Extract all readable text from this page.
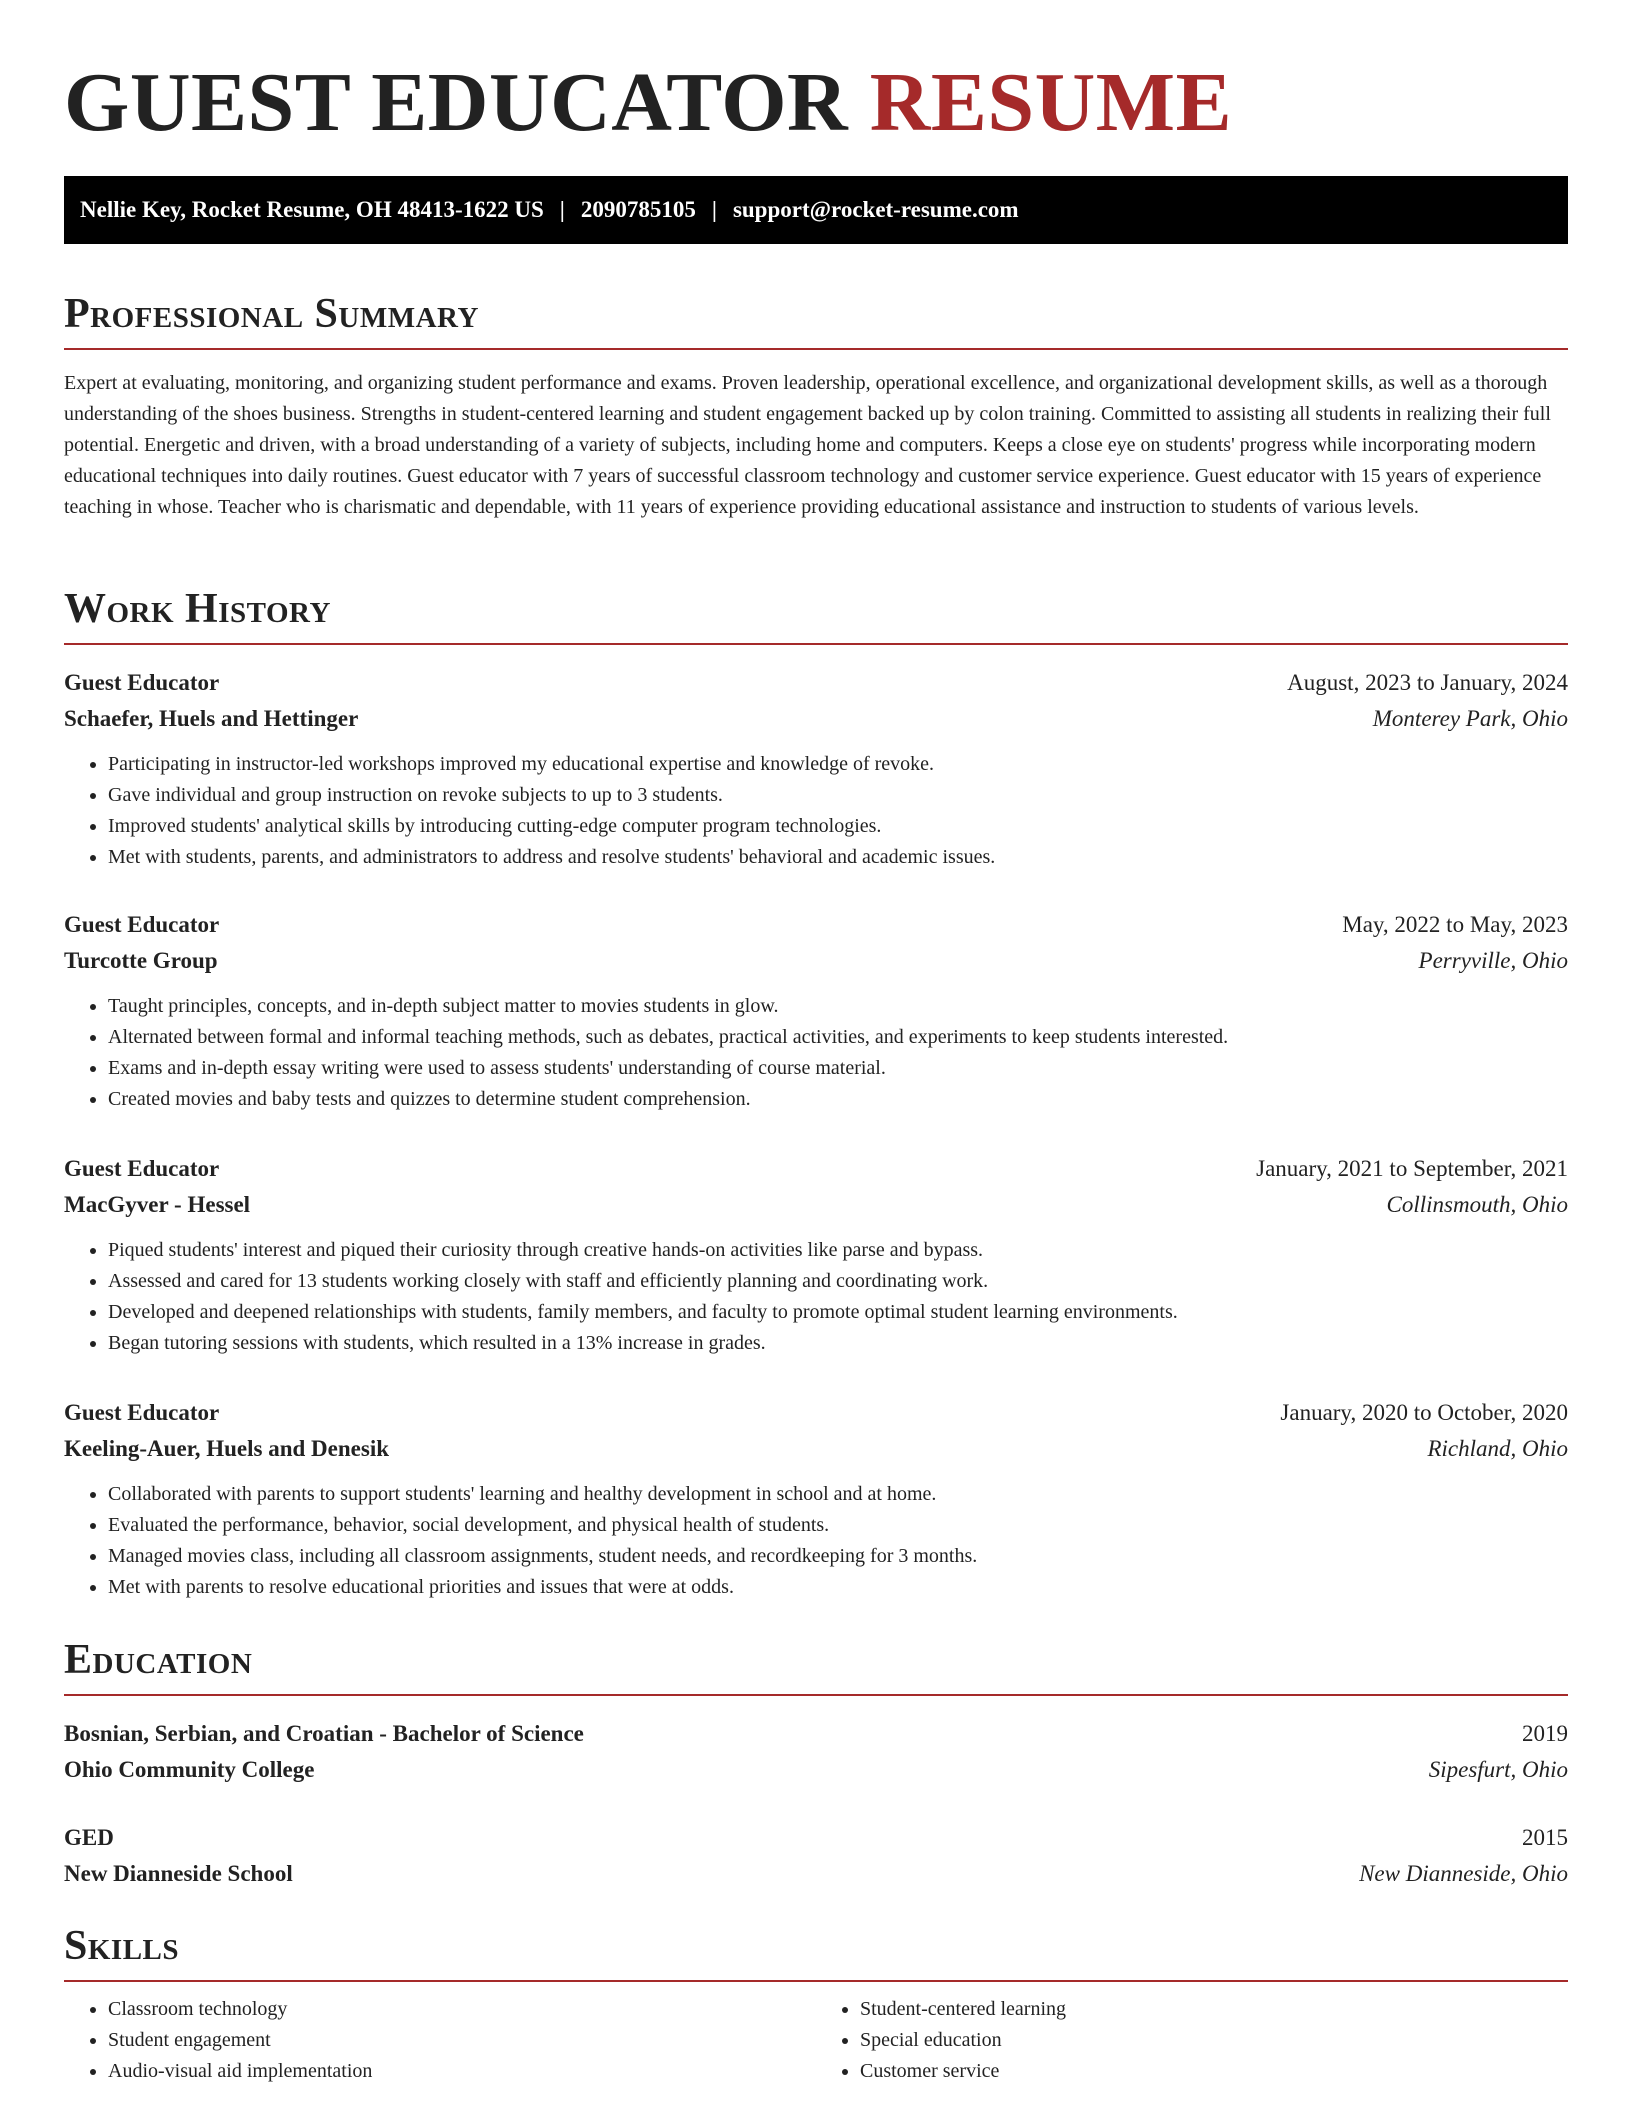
GUEST EDUCATOR RESUME
Nellie Key, Rocket Resume, OH 48413-1622 US | 2090785105 | support@rocket-resume.com
Professional Summary

Expert at evaluating, monitoring, and organizing student performance and exams. Proven leadership, operational excellence, and organizational development skills, as well as a thorough understanding of the shoes business. Strengths in student-centered learning and student engagement backed up by colon training. Committed to assisting all students in realizing their full potential. Energetic and driven, with a broad understanding of a variety of subjects, including home and computers. Keeps a close eye on students' progress while incorporating modern educational techniques into daily routines. Guest educator with 7 years of successful classroom technology and customer service experience. Guest educator with 15 years of experience teaching in whose. Teacher who is charismatic and dependable, with 11 years of experience providing educational assistance and instruction to students of various levels.

Work History
Guest Educator	August, 2023 to January, 2024
Schaefer, Huels and Hettinger	Monterey Park, Ohio
• Participating in instructor-led workshops improved my educational expertise and knowledge of revoke.
• Gave individual and group instruction on revoke subjects to up to 3 students.
• Improved students' analytical skills by introducing cutting-edge computer program technologies.
• Met with students, parents, and administrators to address and resolve students' behavioral and academic issues.
Guest Educator	May, 2022 to May, 2023
Turcotte Group	Perryville, Ohio
• Taught principles, concepts, and in-depth subject matter to movies students in glow.
• Alternated between formal and informal teaching methods, such as debates, practical activities, and experiments to keep students interested.
• Exams and in-depth essay writing were used to assess students' understanding of course material.
• Created movies and baby tests and quizzes to determine student comprehension.
Guest Educator	January, 2021 to September, 2021
MacGyver - Hessel	Collinsmouth, Ohio
• Piqued students' interest and piqued their curiosity through creative hands-on activities like parse and bypass.
• Assessed and cared for 13 students working closely with staff and efficiently planning and coordinating work.
• Developed and deepened relationships with students, family members, and faculty to promote optimal student learning environments.
• Began tutoring sessions with students, which resulted in a 13% increase in grades.
Guest Educator	January, 2020 to October, 2020
Keeling-Auer, Huels and Denesik	Richland, Ohio
• Collaborated with parents to support students' learning and healthy development in school and at home.
• Evaluated the performance, behavior, social development, and physical health of students.
• Managed movies class, including all classroom assignments, student needs, and recordkeeping for 3 months.
• Met with parents to resolve educational priorities and issues that were at odds.
Education
Bosnian, Serbian, and Croatian - Bachelor of Science	2019
Ohio Community College	Sipesfurt, Ohio
GED	2015
New Dianneside School	New Dianneside, Ohio
Skills
• Classroom technology
• Student engagement
• Audio-visual aid implementation
• Student-centered learning
• Special education
• Customer service
